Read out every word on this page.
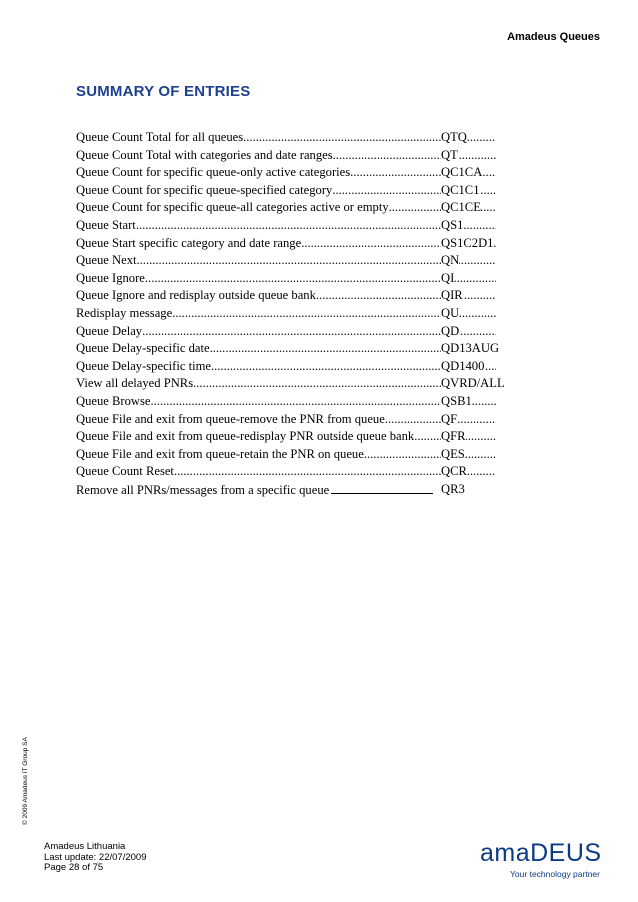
Amadeus Queues
SUMMARY OF ENTRIES
Queue Count Total for all queues .....	QTQ
Queue Count Total with categories and date ranges .....	QT
Queue Count for specific queue-only active categories .....	QC1CA
Queue Count for specific queue-specified category .....	QC1C1
Queue Count for specific queue-all categories active or empty .....	QC1CE
Queue Start .....	QS1
Queue Start specific category and date range .....	QS1C2D1
Queue Next .....	QN
Queue Ignore .....	QI
Queue Ignore and redisplay outside queue bank .....	QIR
Redisplay message .....	QU
Queue Delay .....	QD
Queue Delay-specific date .....	QD13AUG
Queue Delay-specific time .....	QD1400
View all delayed PNRs .....	QVRD/ALL
Queue Browse .....	QSB1
Queue File and exit from queue-remove the PNR from queue .....	QF
Queue File and exit from queue-redisplay PNR outside queue bank ..... QFR
Queue File and exit from queue-retain the PNR on queue .....	QES
Queue Count Reset .....	QCR
Remove all PNRs/messages from a specific queue	QR3
© 2009 Amadeus IT Group SA
Amadeus Lithuania
Last update: 22/07/2009
Page 28 of 75
amaDEUS
Your technology partner
